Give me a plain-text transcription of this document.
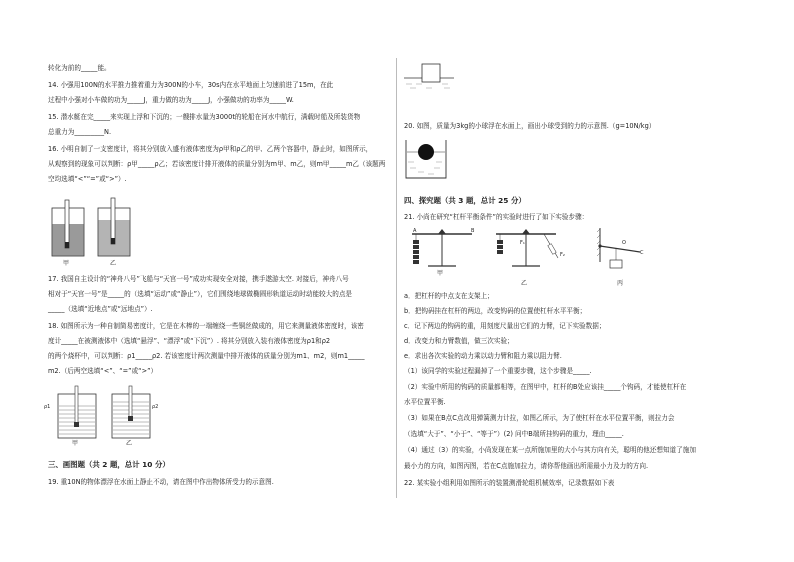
转化为前的_____能。
14. 小强用100N的水平推力推着重力为300N的小车，30s内在水平地面上匀速前进了15m，在此
过程中小强对小车做的功为_____J，重力做的功为_____J，小强做功的功率为_____W.
15. 潜水艇在完_____来实现上浮和下沉的；一艘排水量为3000t的轮船在河水中航行，满载时船及所装货物
总重力为_________N.
16. 小明自制了一支密度计，将其分别放入盛有液体密度为ρ甲和ρ乙的甲、乙两个容器中，静止时，如图所示，
从观察到的现象可以判断：ρ甲_____ρ乙；若该密度计排开液体的质量分别为m甲、m乙，则m甲_____m乙（该题两
空均选填“<”“=”或“>”）.
甲	乙
17. 我国自主设计的“神舟八号”飞船与“天宫一号”成功实现安全对接，携手遨游太空. 对接后，神舟八号
相对于“天宫一号”是_____的（选填“运动”或“静止”），它们围绕地球做椭圆形轨道运动时动能较大的点是
_____（选填“近地点”或“远地点”）.
18. 如图所示为一种自制简易密度计，它是在木棒的一端缠绕一些铜丝做成的，用它来测量液体密度时，该密
度计_____在被测液体中（选填“悬浮”、“漂浮”或“下沉”）. 将其分别放入装有液体密度为ρ1和ρ2
的两个烧杯中，可以判断：ρ1_____ρ2. 若该密度计两次测量中排开液体的质量分别为m1、m2，则m1_____
m2.（后两空选填“<”、“=”或“>”）
ρ1	ρ2
甲	乙
三、画图题（共 2 题，总计 10 分）
19. 重10N的物体漂浮在水面上静止不动，请在图中作出物体所受力的示意图.
20. 如图，质量为3kg的小球浮在水面上，画出小球受到的力的示意图.（g=10N/kg）
四、探究题（共 3 题，总计 25 分）
21. 小尚在研究“杠杆平衡条件”的实验时进行了如下实验步骤：
A	B
C
O
F₁
F₂
甲
乙	丙
a．把杠杆的中点支在支架上；
b．把钩码挂在杠杆的两边，改变钩码的位置使杠杆水平平衡；
c．记下两边的钩码的重，用刻度尺量出它们的力臂，记下实验数据；
d．改变力和力臂数值，做三次实验；
e．求出各次实验的动力乘以动力臂和阻力乘以阻力臂.
（1）该同学的实验过程漏掉了一个重要步骤，这个步骤是_____.
（2）实验中所用的钩码的质量都相等，在图甲中，杠杆的B处应该挂_____个钩码，才能使杠杆在
水平位置平衡.
（3）如果在B点C点改用弹簧测力计拉，如图乙所示，为了使杠杆在水平位置平衡，则拉力会
（选填“大于”、“小于”、“等于”）(2) 问中B端所挂钩码的重力，理由_____.
（4）通过（3）的实验，小尚发现在某一点所施加里的大小与其方向有关，聪明的他还想知道了施加
最小力的方向，如图丙图，若在C点施加拉力，请你帮他画出所需最小力及力的方向.
22. 某实验小组利用如图所示的装置测滑轮组机械效率，记录数据如下表
